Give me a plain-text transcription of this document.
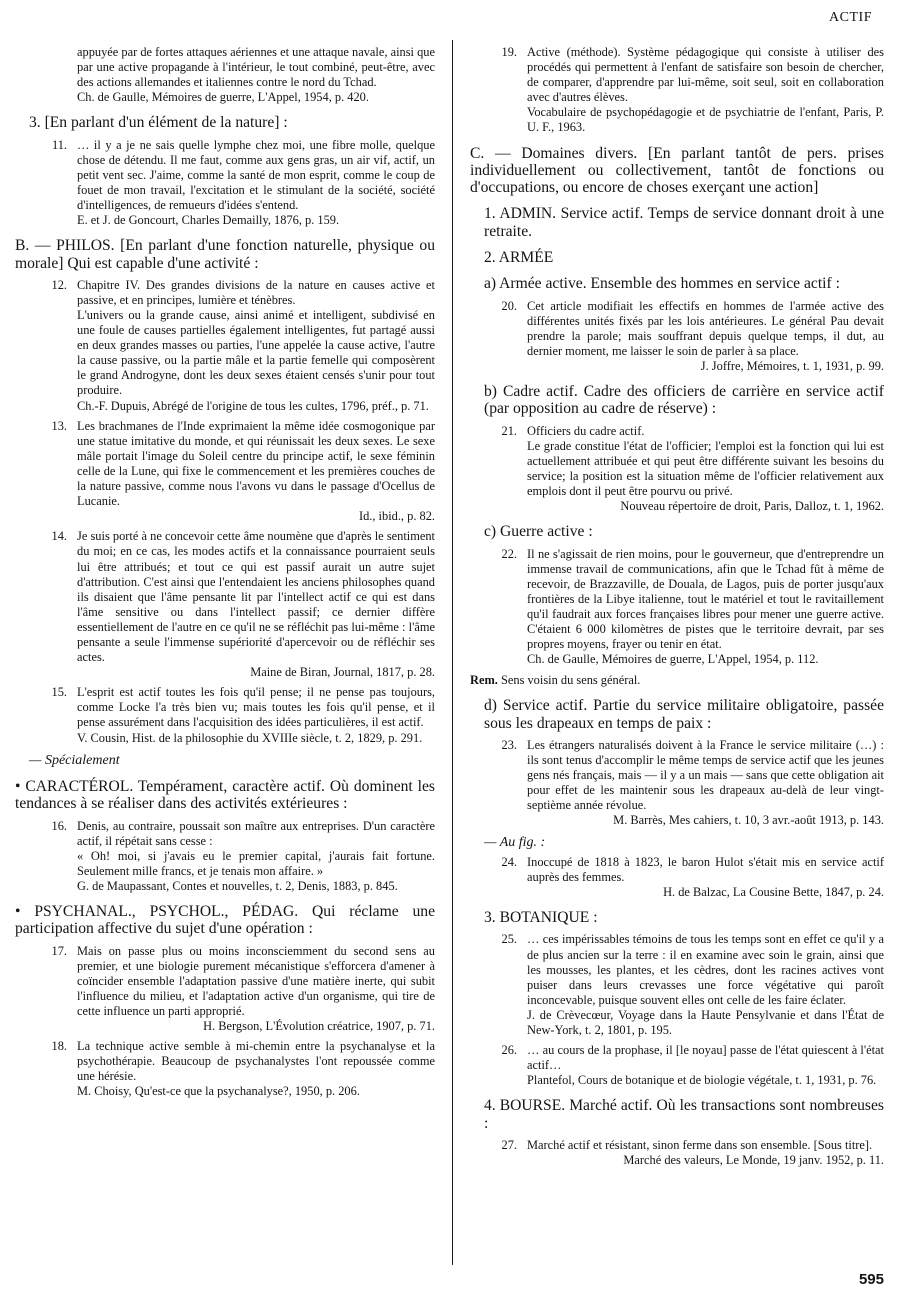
ACTIF
appuyée par de fortes attaques aériennes et une attaque navale, ainsi que par une active propagande à l'intérieur, le tout combiné, peut-être, avec des actions allemandes et italiennes contre le nord du Tchad.
Ch. de Gaulle, Mémoires de guerre, L'Appel, 1954, p. 420.
3. [En parlant d'un élément de la nature] :
11. … il y a je ne sais quelle lymphe chez moi, une fibre molle, quelque chose de détendu. Il me faut, comme aux gens gras, un air vif, actif, un petit vent sec. J'aime, comme la santé de mon esprit, comme le coup de fouet de mon travail, l'excitation et le stimulant de la société, société d'intelligences, de remueurs d'idées s'entend.
E. et J. de Goncourt, Charles Demailly, 1876, p. 159.
B. — PHILOS. [En parlant d'une fonction naturelle, physique ou morale] Qui est capable d'une activité :
12. Chapitre IV. Des grandes divisions de la nature en causes active et passive, et en principes, lumière et ténèbres.
L'univers ou la grande cause, ainsi animé et intelligent, subdivisé en une foule de causes partielles également intelligentes, fut partagé aussi en deux grandes masses ou parties, l'une appelée la cause active, l'autre la cause passive, ou la partie mâle et la partie femelle qui composèrent le grand Androgyne, dont les deux sexes étaient censés s'unir pour tout produire.
Ch.-F. Dupuis, Abrégé de l'origine de tous les cultes, 1796, préf., p. 71.
13. Les brachmanes de l'Inde exprimaient la même idée cosmogonique par une statue imitative du monde, et qui réunissait les deux sexes. Le sexe mâle portait l'image du Soleil centre du principe actif, le sexe féminin celle de la Lune, qui fixe le commencement et les premières couches de la nature passive, comme nous l'avons vu dans le passage d'Ocellus de Lucanie.
Id., ibid., p. 82.
14. Je suis porté à ne concevoir cette âme noumène que d'après le sentiment du moi; en ce cas, les modes actifs et la connaissance pourraient seuls lui être attribués; et tout ce qui est passif aurait un autre sujet d'attribution. C'est ainsi que l'entendaient les anciens philosophes quand ils disaient que l'âme pensante lit par l'intellect actif ce qui est dans l'âme sensitive ou dans l'intellect passif; ce dernier diffère essentiellement de l'autre en ce qu'il ne se réfléchit pas lui-même : l'âme pensante a seule l'immense supériorité d'apercevoir ou de réfléchir ses actes.
Maine de Biran, Journal, 1817, p. 28.
15. L'esprit est actif toutes les fois qu'il pense; il ne pense pas toujours, comme Locke l'a très bien vu; mais toutes les fois qu'il pense, et il pense assurément dans l'acquisition des idées particulières, il est actif.
V. Cousin, Hist. de la philosophie du XVIIIe siècle, t. 2, 1829, p. 291.
— Spécialement
• CARACTÉROL. Tempérament, caractère actif. Où dominent les tendances à se réaliser dans des activités extérieures :
16. Denis, au contraire, poussait son maître aux entreprises. D'un caractère actif, il répétait sans cesse :
« Oh! moi, si j'avais eu le premier capital, j'aurais fait fortune. Seulement mille francs, et je tenais mon affaire. »
G. de Maupassant, Contes et nouvelles, t. 2, Denis, 1883, p. 845.
• PSYCHANAL., PSYCHOL., PÉDAG. Qui réclame une participation affective du sujet d'une opération :
17. Mais on passe plus ou moins inconsciemment du second sens au premier, et une biologie purement mécanistique s'efforcera d'amener à coïncider ensemble l'adaptation passive d'une matière inerte, qui subit l'influence du milieu, et l'adaptation active d'un organisme, qui tire de cette influence un parti approprié.
H. Bergson, L'Évolution créatrice, 1907, p. 71.
18. La technique active semble à mi-chemin entre la psychanalyse et la psychothérapie. Beaucoup de psychanalystes l'ont repoussée comme une hérésie.
M. Choisy, Qu'est-ce que la psychanalyse?, 1950, p. 206.
19. Active (méthode). Système pédagogique qui consiste à utiliser des procédés qui permettent à l'enfant de satisfaire son besoin de chercher, de comparer, d'apprendre par lui-même, soit seul, soit en collaboration avec d'autres élèves.
Vocabulaire de psychopédagogie et de psychiatrie de l'enfant, Paris, P. U. F., 1963.
C. — Domaines divers. [En parlant tantôt de pers. prises individuellement ou collectivement, tantôt de fonctions ou d'occupations, ou encore de choses exerçant une action]
1. ADMIN. Service actif. Temps de service donnant droit à une retraite.
2. ARMÉE
a) Armée active. Ensemble des hommes en service actif :
20. Cet article modifiait les effectifs en hommes de l'armée active des différentes unités fixés par les lois antérieures. Le général Pau devait prendre la parole; mais souffrant depuis quelque temps, il dut, au dernier moment, me laisser le soin de parler à sa place.
J. Joffre, Mémoires, t. 1, 1931, p. 99.
b) Cadre actif. Cadre des officiers de carrière en service actif (par opposition au cadre de réserve) :
21. Officiers du cadre actif.
Le grade constitue l'état de l'officier; l'emploi est la fonction qui lui est actuellement attribuée et qui peut être différente suivant les besoins du service; la position est la situation même de l'officier relativement aux emplois dont il peut être pourvu ou privé.
Nouveau répertoire de droit, Paris, Dalloz, t. 1, 1962.
c) Guerre active :
22. Il ne s'agissait de rien moins, pour le gouverneur, que d'entreprendre un immense travail de communications, afin que le Tchad fût à même de recevoir, de Brazzaville, de Douala, de Lagos, puis de porter jusqu'aux frontières de la Libye italienne, tout le matériel et tout le ravitaillement qu'il faudrait aux forces françaises libres pour mener une guerre active. C'étaient 6 000 kilomètres de pistes que le territoire devrait, par ses propres moyens, frayer ou tenir en état.
Ch. de Gaulle, Mémoires de guerre, L'Appel, 1954, p. 112.
Rem. Sens voisin du sens général.
d) Service actif. Partie du service militaire obligatoire, passée sous les drapeaux en temps de paix :
23. Les étrangers naturalisés doivent à la France le service militaire (…) : ils sont tenus d'accomplir le même temps de service actif que les jeunes gens nés français, mais — il y a un mais — sans que cette obligation ait pour effet de les maintenir sous les drapeaux au-delà de leur vingt-septième année révolue.
M. Barrès, Mes cahiers, t. 10, 3 avr.-août 1913, p. 143.
— Au fig. :
24. Inoccupé de 1818 à 1823, le baron Hulot s'était mis en service actif auprès des femmes.
H. de Balzac, La Cousine Bette, 1847, p. 24.
3. BOTANIQUE :
25. … ces impérissables témoins de tous les temps sont en effet ce qu'il y a de plus ancien sur la terre : il en examine avec soin le grain, ainsi que les mousses, les plantes, et les cèdres, dont les racines actives vont puiser dans leurs crevasses une force végétative qui paroît inconcevable, puisque souvent elles ont celle de les faire éclater.
J. de Crèvecœur, Voyage dans la Haute Pensylvanie et dans l'État de New-York, t. 2, 1801, p. 195.
26. … au cours de la prophase, il [le noyau] passe de l'état quiescent à l'état actif…
Plantefol, Cours de botanique et de biologie végétale, t. 1, 1931, p. 76.
4. BOURSE. Marché actif. Où les transactions sont nombreuses :
27. Marché actif et résistant, sinon ferme dans son ensemble. [Sous titre].
Marché des valeurs, Le Monde, 19 janv. 1952, p. 11.
595
